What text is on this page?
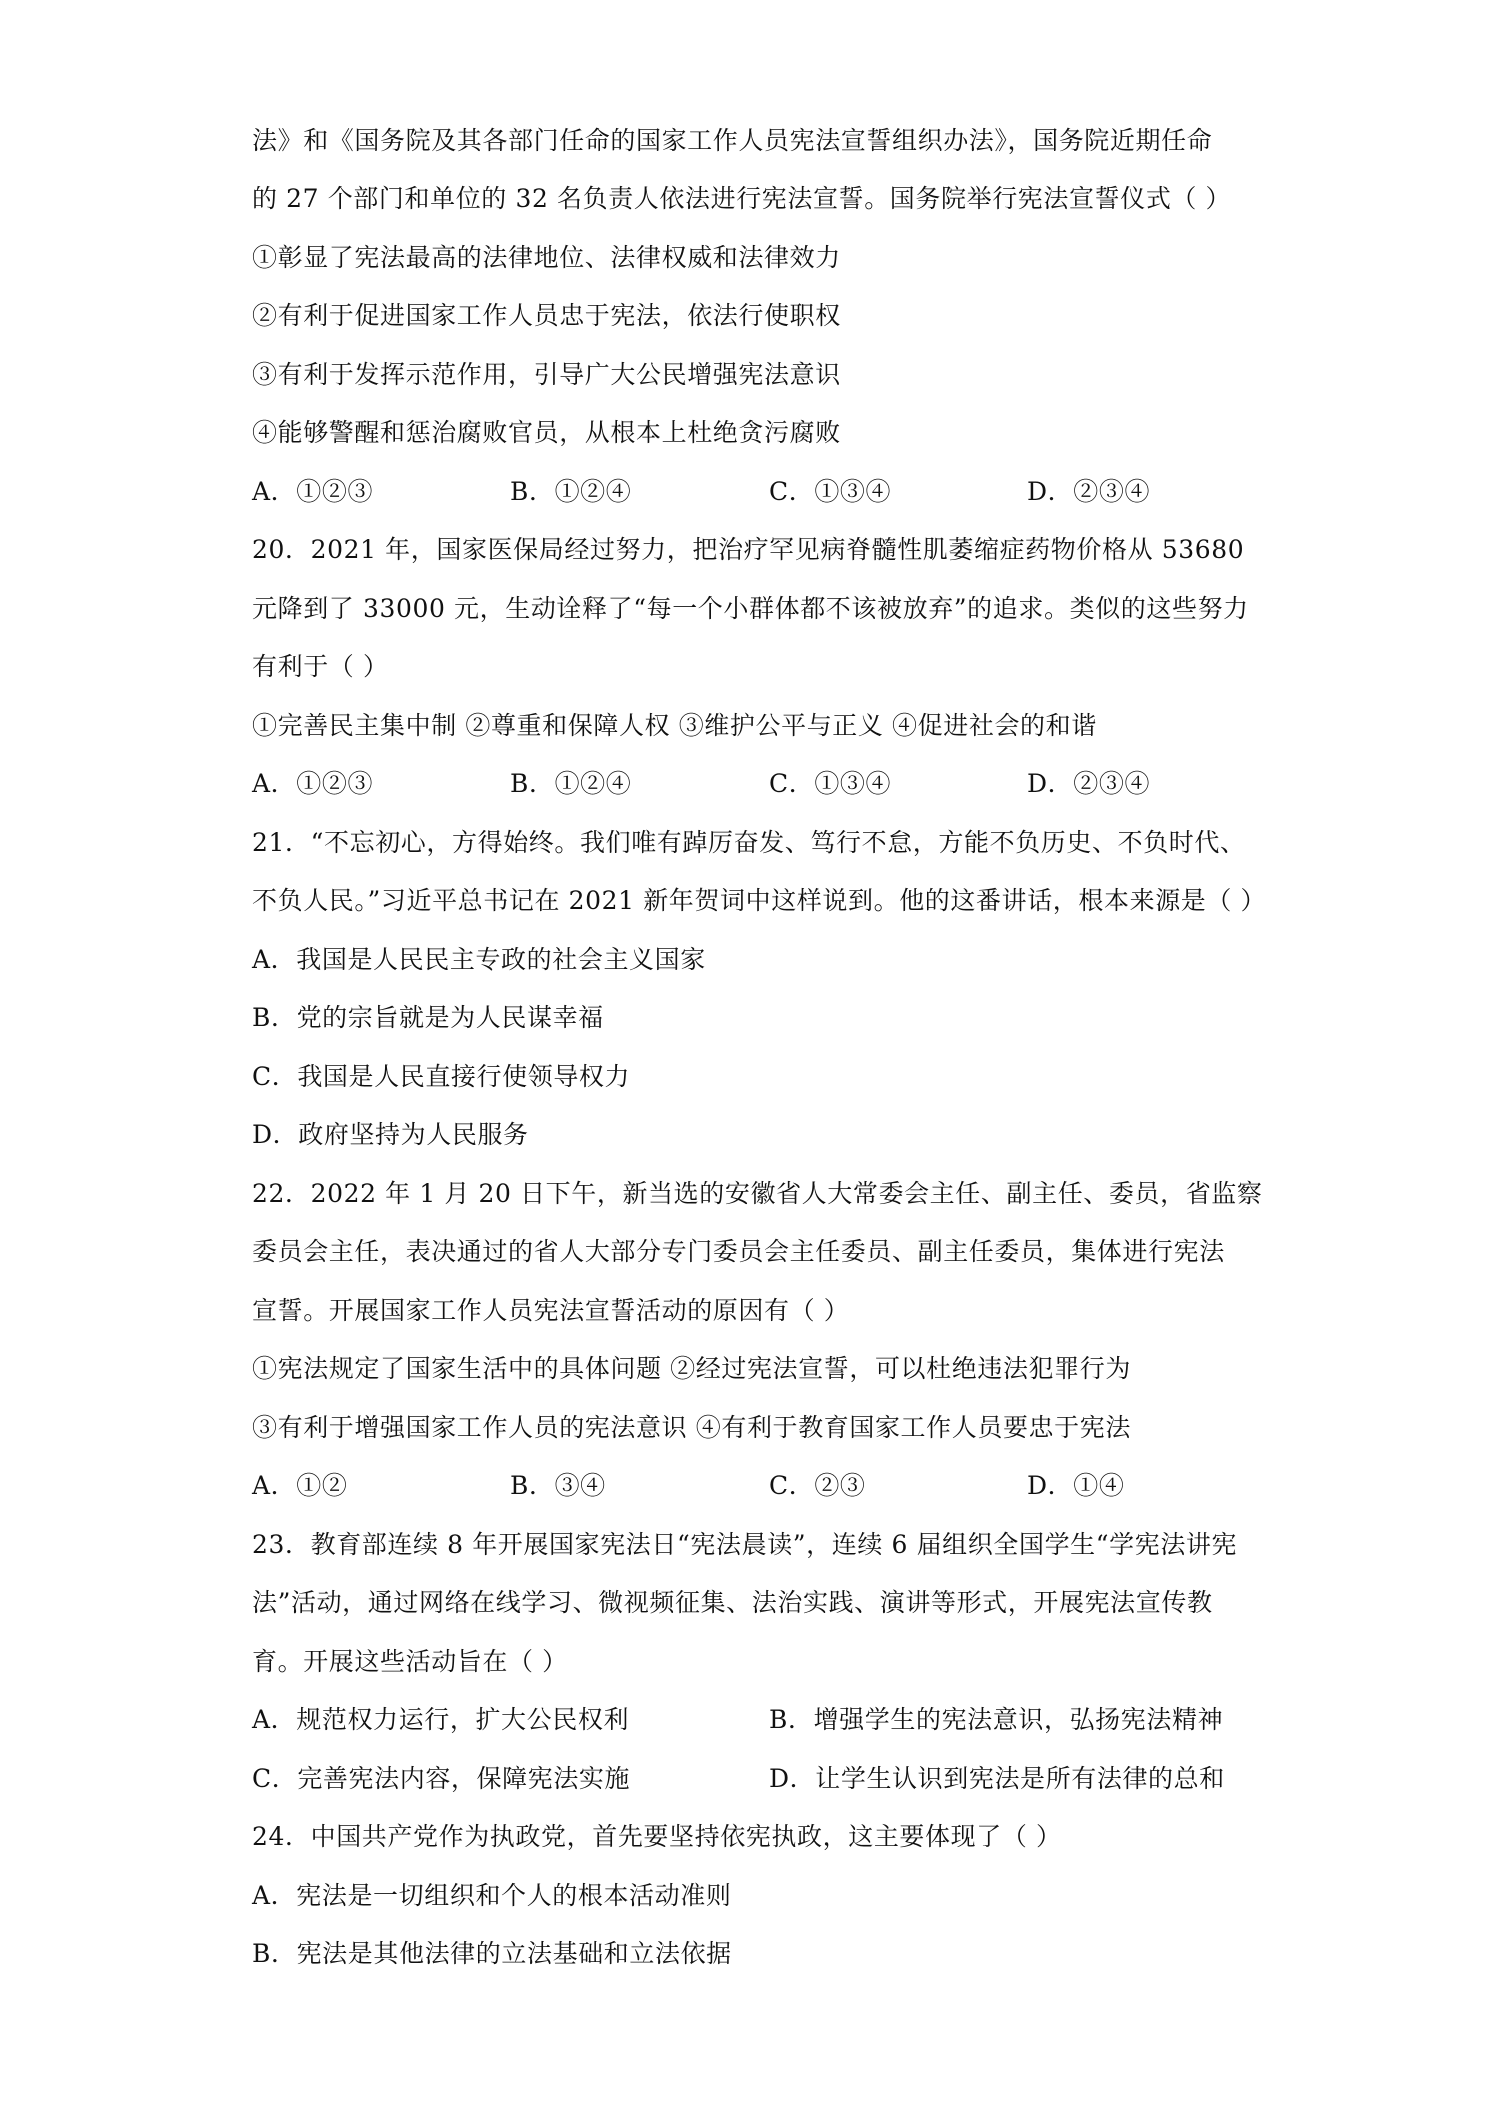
法》和《国务院及其各部门任命的国家工作人员宪法宣誓组织办法》，国务院近期任命
的 27 个部门和单位的 32 名负责人依法进行宪法宣誓。国务院举行宪法宣誓仪式（ ）
①彰显了宪法最高的法律地位、法律权威和法律效力
②有利于促进国家工作人员忠于宪法，依法行使职权
③有利于发挥示范作用，引导广大公民增强宪法意识
④能够警醒和惩治腐败官员，从根本上杜绝贪污腐败
A．①②③	B．①②④	C．①③④	D．②③④
20．2021 年，国家医保局经过努力，把治疗罕见病脊髓性肌萎缩症药物价格从 53680
元降到了 33000 元，生动诠释了“每一个小群体都不该被放弃”的追求。类似的这些努力
有利于（ ）
①完善民主集中制 ②尊重和保障人权 ③维护公平与正义 ④促进社会的和谐
A．①②③	B．①②④	C．①③④	D．②③④
21．“不忘初心，方得始终。我们唯有踔厉奋发、笃行不怠，方能不负历史、不负时代、
不负人民。”习近平总书记在 2021 新年贺词中这样说到。他的这番讲话，根本来源是（ ）
A．我国是人民民主专政的社会主义国家
B．党的宗旨就是为人民谋幸福
C．我国是人民直接行使领导权力
D．政府坚持为人民服务
22．2022 年 1 月 20 日下午，新当选的安徽省人大常委会主任、副主任、委员，省监察
委员会主任，表决通过的省人大部分专门委员会主任委员、副主任委员，集体进行宪法
宣誓。开展国家工作人员宪法宣誓活动的原因有（ ）
①宪法规定了国家生活中的具体问题 ②经过宪法宣誓，可以杜绝违法犯罪行为
③有利于增强国家工作人员的宪法意识 ④有利于教育国家工作人员要忠于宪法
A．①②	B．③④	C．②③	D．①④
23．教育部连续 8 年开展国家宪法日“宪法晨读”，连续 6 届组织全国学生“学宪法讲宪
法”活动，通过网络在线学习、微视频征集、法治实践、演讲等形式，开展宪法宣传教
育。开展这些活动旨在（ ）
A．规范权力运行，扩大公民权利	B．增强学生的宪法意识，弘扬宪法精神
C．完善宪法内容，保障宪法实施	D．让学生认识到宪法是所有法律的总和
24．中国共产党作为执政党，首先要坚持依宪执政，这主要体现了（ ）
A．宪法是一切组织和个人的根本活动准则
B．宪法是其他法律的立法基础和立法依据
